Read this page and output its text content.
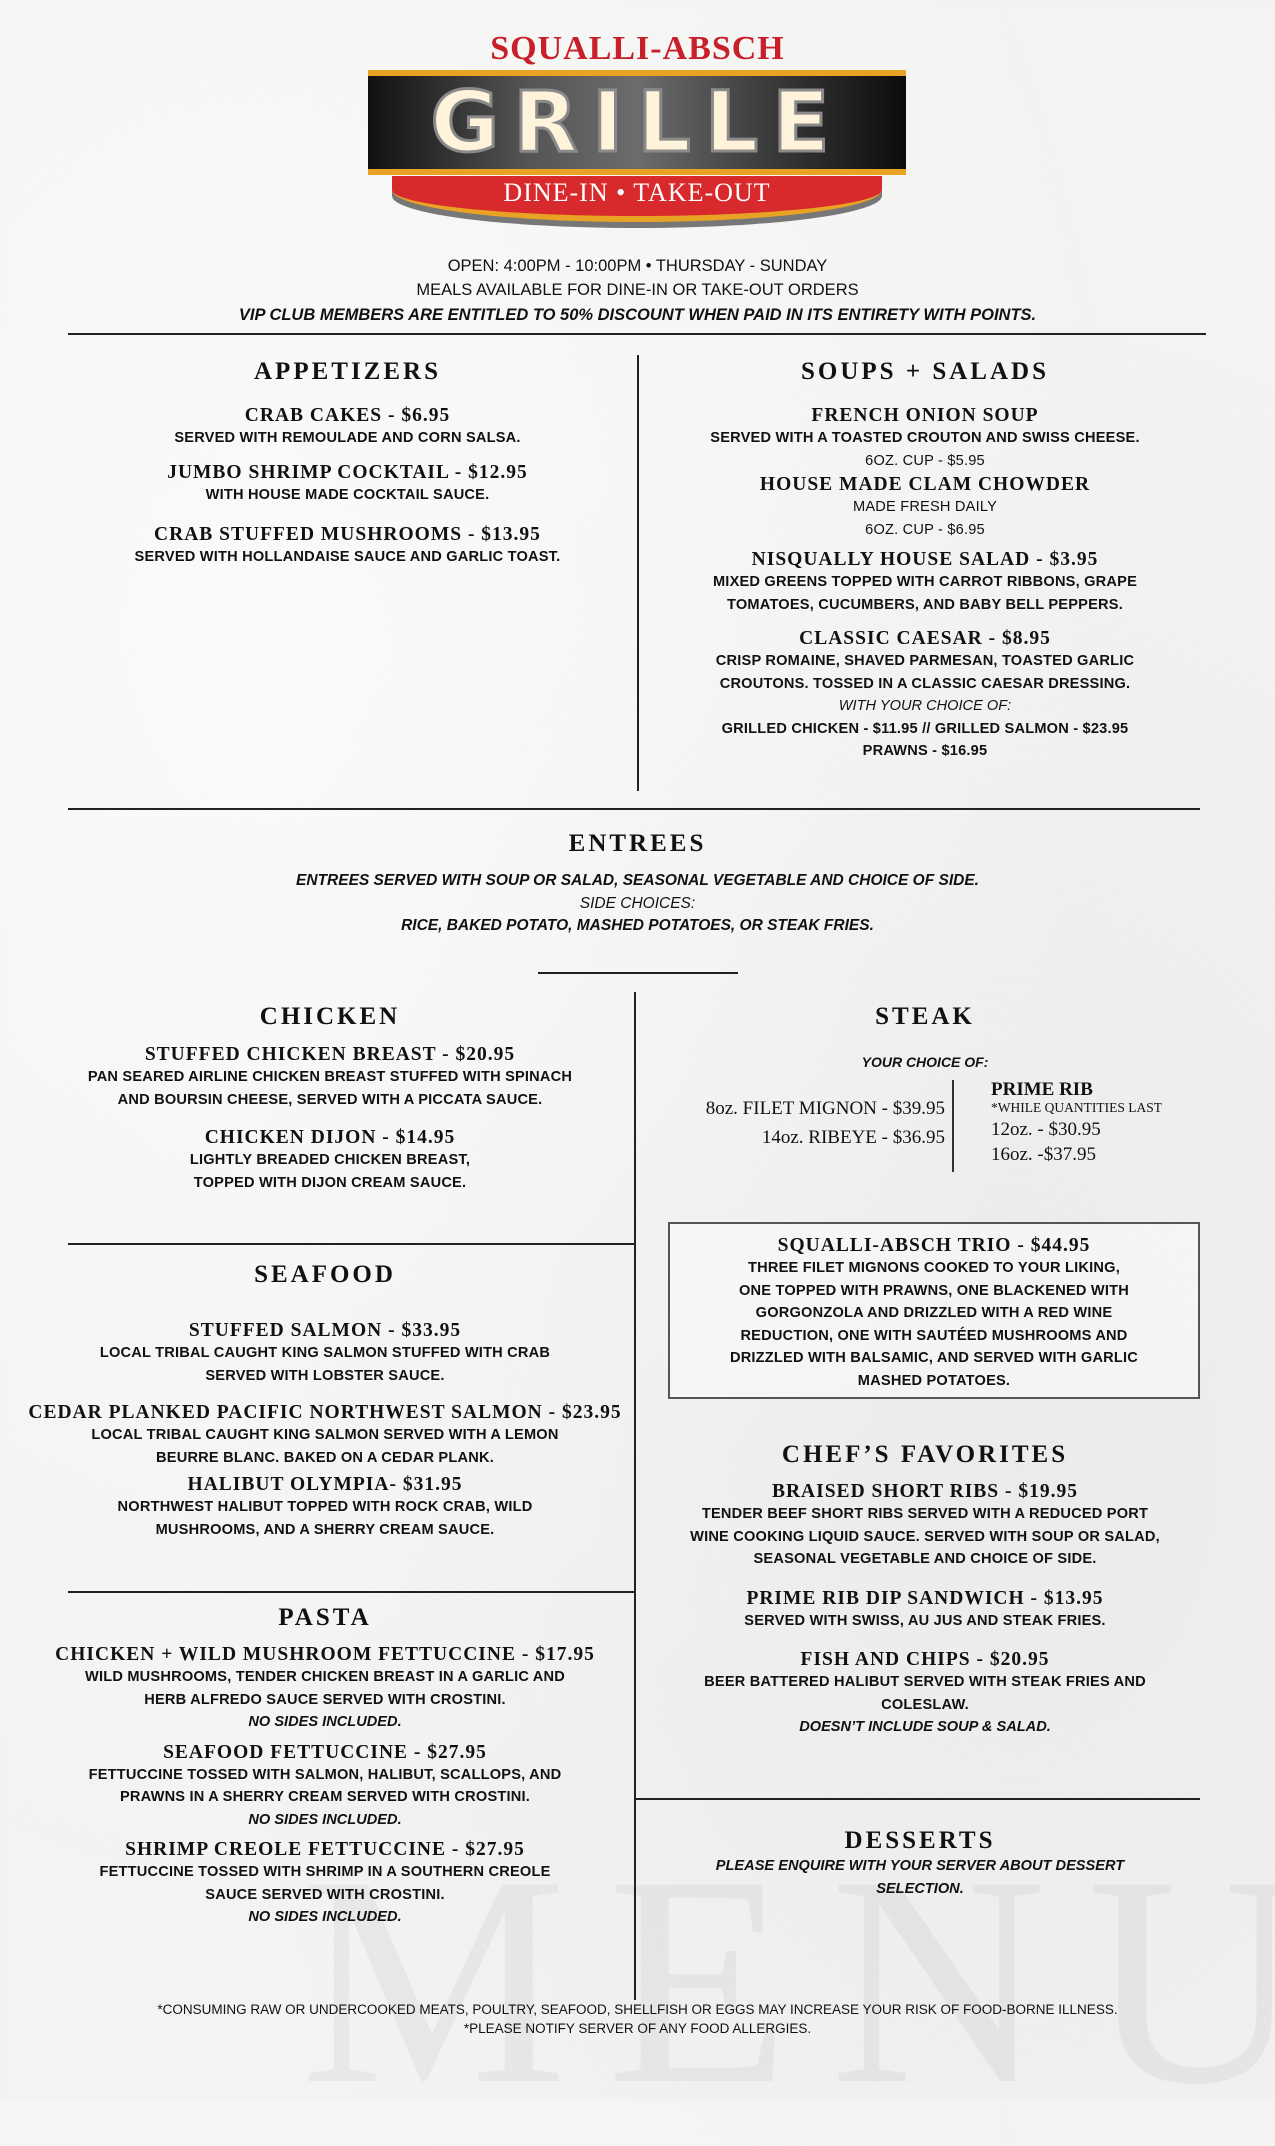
SQUALLI-ABSCH
GRILLE
DINE-IN • TAKE-OUT
OPEN: 4:00PM - 10:00PM • THURSDAY - SUNDAY
MEALS AVAILABLE FOR DINE-IN OR TAKE-OUT ORDERS
VIP CLUB MEMBERS ARE ENTITLED TO 50% DISCOUNT WHEN PAID IN ITS ENTIRETY WITH POINTS.
APPETIZERS
CRAB CAKES - $6.95
SERVED WITH REMOULADE AND CORN SALSA.
JUMBO SHRIMP COCKTAIL - $12.95
WITH HOUSE MADE COCKTAIL SAUCE.
CRAB STUFFED MUSHROOMS - $13.95
SERVED WITH HOLLANDAISE SAUCE AND GARLIC TOAST.
SOUPS + SALADS
FRENCH ONION SOUP
SERVED WITH A TOASTED CROUTON AND SWISS CHEESE.
6OZ. CUP - $5.95
HOUSE MADE CLAM CHOWDER
MADE FRESH DAILY
6OZ. CUP - $6.95
NISQUALLY HOUSE SALAD - $3.95
MIXED GREENS TOPPED WITH CARROT RIBBONS, GRAPE
TOMATOES, CUCUMBERS, AND BABY BELL PEPPERS.
CLASSIC CAESAR - $8.95
CRISP ROMAINE, SHAVED PARMESAN, TOASTED GARLIC
CROUTONS. TOSSED IN A CLASSIC CAESAR DRESSING.
WITH YOUR CHOICE OF:
GRILLED CHICKEN - $11.95 // GRILLED SALMON - $23.95
PRAWNS - $16.95
ENTREES
ENTREES SERVED WITH SOUP OR SALAD, SEASONAL VEGETABLE AND CHOICE OF SIDE.
SIDE CHOICES:
RICE, BAKED POTATO, MASHED POTATOES, OR STEAK FRIES.
CHICKEN
STUFFED CHICKEN BREAST - $20.95
PAN SEARED AIRLINE CHICKEN BREAST STUFFED WITH SPINACH
AND BOURSIN CHEESE, SERVED WITH A PICCATA SAUCE.
CHICKEN DIJON - $14.95
LIGHTLY BREADED CHICKEN BREAST,
TOPPED WITH DIJON CREAM SAUCE.
SEAFOOD
STUFFED SALMON - $33.95
LOCAL TRIBAL CAUGHT KING SALMON STUFFED WITH CRAB
SERVED WITH LOBSTER SAUCE.
CEDAR PLANKED PACIFIC NORTHWEST SALMON - $23.95
LOCAL TRIBAL CAUGHT KING SALMON SERVED WITH A LEMON
BEURRE BLANC. BAKED ON A CEDAR PLANK.
HALIBUT OLYMPIA- $31.95
NORTHWEST HALIBUT TOPPED WITH ROCK CRAB, WILD
MUSHROOMS, AND A SHERRY CREAM SAUCE.
PASTA
CHICKEN + WILD MUSHROOM FETTUCCINE - $17.95
WILD MUSHROOMS, TENDER CHICKEN BREAST IN A GARLIC AND
HERB ALFREDO SAUCE SERVED WITH CROSTINI.
NO SIDES INCLUDED.
SEAFOOD FETTUCCINE - $27.95
FETTUCCINE TOSSED WITH SALMON, HALIBUT, SCALLOPS, AND
PRAWNS IN A SHERRY CREAM SERVED WITH CROSTINI.
NO SIDES INCLUDED.
SHRIMP CREOLE FETTUCCINE - $27.95
FETTUCCINE TOSSED WITH SHRIMP IN A SOUTHERN CREOLE
SAUCE SERVED WITH CROSTINI.
NO SIDES INCLUDED.
STEAK
YOUR CHOICE OF:
8oz. FILET MIGNON - $39.95
14oz. RIBEYE - $36.95
PRIME RIB
*WHILE QUANTITIES LAST
12oz. - $30.95
16oz. -$37.95
SQUALLI-ABSCH TRIO - $44.95
THREE FILET MIGNONS COOKED TO YOUR LIKING,
ONE TOPPED WITH PRAWNS, ONE BLACKENED WITH
GORGONZOLA AND DRIZZLED WITH A RED WINE
REDUCTION, ONE WITH SAUTÉED MUSHROOMS AND
DRIZZLED WITH BALSAMIC, AND SERVED WITH GARLIC
MASHED POTATOES.
CHEF’S FAVORITES
BRAISED SHORT RIBS - $19.95
TENDER BEEF SHORT RIBS SERVED WITH A REDUCED PORT
WINE COOKING LIQUID SAUCE. SERVED WITH SOUP OR SALAD,
SEASONAL VEGETABLE AND CHOICE OF SIDE.
PRIME RIB DIP SANDWICH - $13.95
SERVED WITH SWISS, AU JUS AND STEAK FRIES.
FISH AND CHIPS - $20.95
BEER BATTERED HALIBUT SERVED WITH STEAK FRIES AND
COLESLAW.
DOESN’T INCLUDE SOUP & SALAD.
DESSERTS
PLEASE ENQUIRE WITH YOUR SERVER ABOUT DESSERT
SELECTION.
*CONSUMING RAW OR UNDERCOOKED MEATS, POULTRY, SEAFOOD, SHELLFISH OR EGGS MAY INCREASE YOUR RISK OF FOOD-BORNE ILLNESS.
*PLEASE NOTIFY SERVER OF ANY FOOD ALLERGIES.
